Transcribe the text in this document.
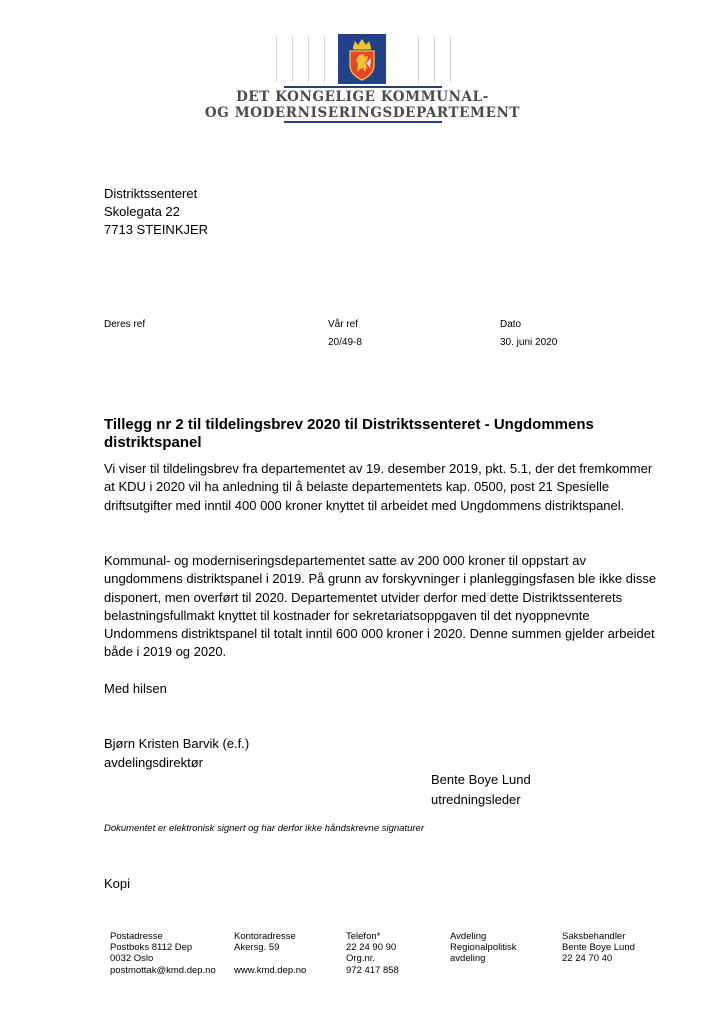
DET KONGELIGE KOMMUNAL-
OG MODERNISERINGSDEPARTEMENT
Distriktssenteret
Skolegata 22
7713 STEINKJER
Deres ref	Vår ref
20/49-8
Dato
30. juni 2020
Tillegg nr 2 til tildelingsbrev 2020 til Distriktssenteret - Ungdommens distriktspanel
Vi viser til tildelingsbrev fra departementet av 19. desember 2019, pkt. 5.1, der det fremkommer at KDU i 2020 vil ha anledning til å belaste departementets kap. 0500, post 21 Spesielle driftsutgifter med inntil 400 000 kroner knyttet til arbeidet med Ungdommens distriktspanel.
Kommunal- og moderniseringsdepartementet satte av 200 000 kroner til oppstart av ungdommens distriktspanel i 2019. På grunn av forskyvninger i planleggingsfasen ble ikke disse disponert, men overført til 2020. Departementet utvider derfor med dette Distriktssenterets belastningsfullmakt knyttet til kostnader for sekretariatsoppgaven til det nyoppnevnte Undommens distriktspanel til totalt inntil 600 000 kroner i 2020. Denne summen gjelder arbeidet både i 2019 og 2020.
Med hilsen
Bjørn Kristen Barvik (e.f.)
avdelingsdirektør
Bente Boye Lund
utredningsleder
Dokumentet er elektronisk signert og har derfor ikke håndskrevne signaturer
Kopi
Postadresse
Postboks 8112 Dep
0032 Oslo
postmottak@kmd.dep.no
Kontoradresse
Akersg. 59
www.kmd.dep.no
Telefon*
22 24 90 90
Org.nr.
972 417 858
Avdeling
Regionalpolitisk
avdeling
Saksbehandler
Bente Boye Lund
22 24 70 40
